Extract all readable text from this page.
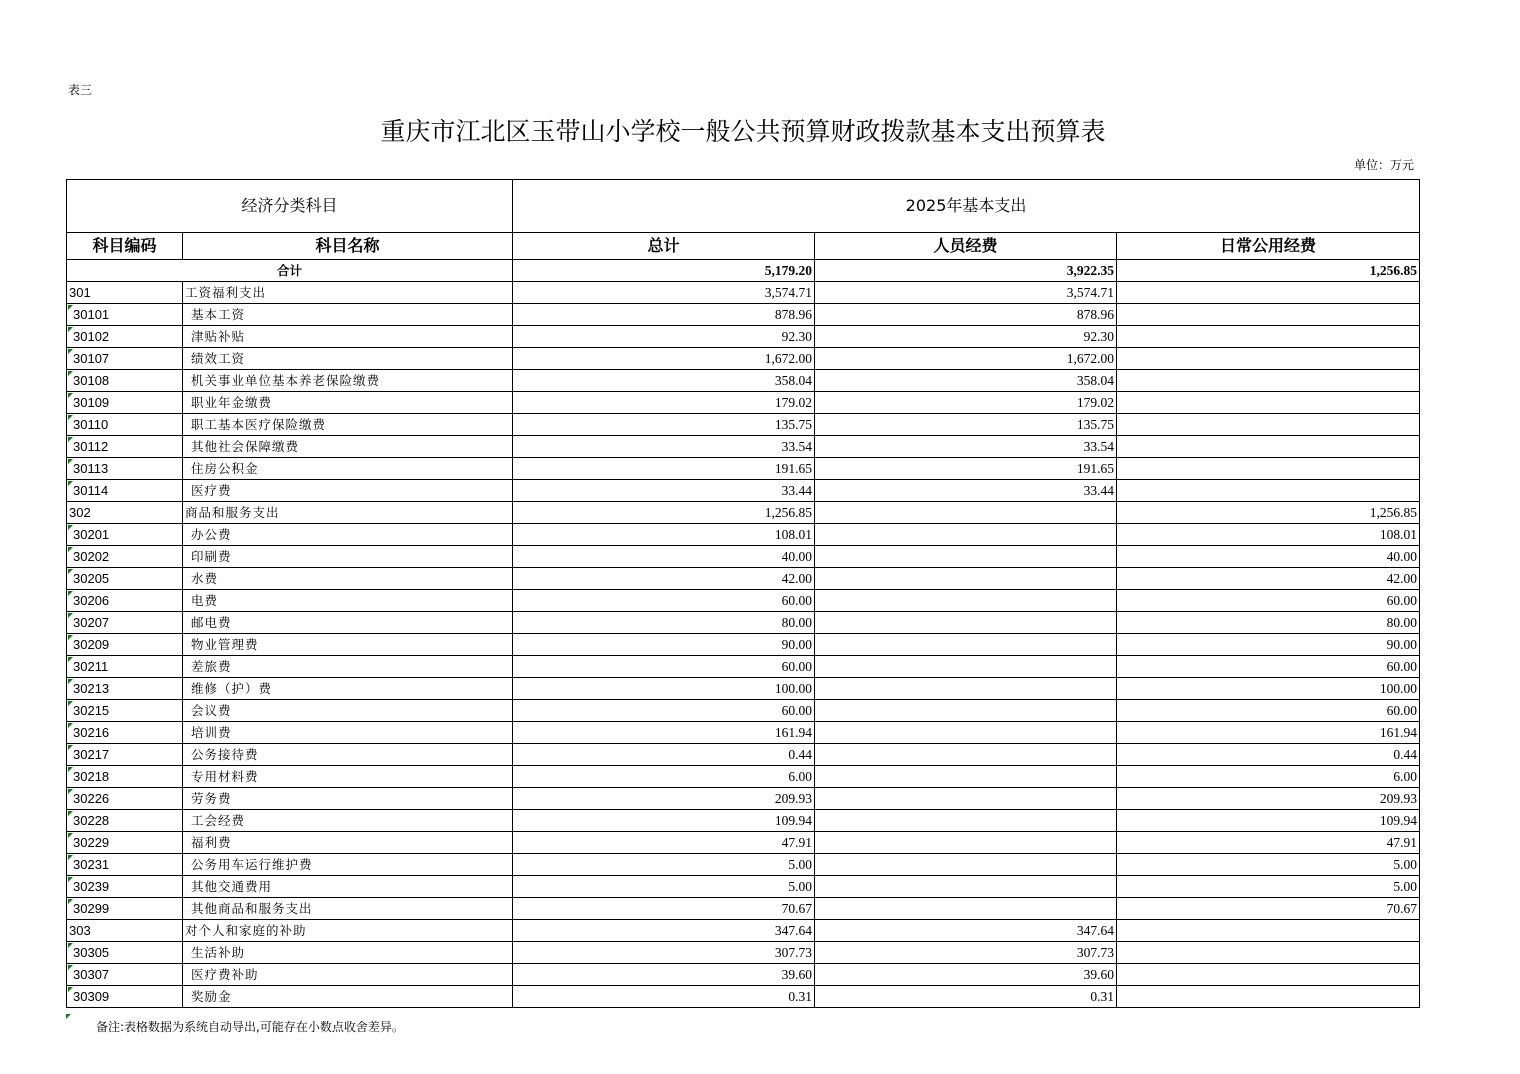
表三
重庆市江北区玉带山小学校一般公共预算财政拨款基本支出预算表
单位：万元
经济分类科目		2025年基本支出		
科目编码	科目名称	总计	人员经费	日常公用经费
合计		5,179.20	3,922.35	1,256.85
301	工资福利支出	3,574.71	3,574.71	
30101	基本工资	878.96	878.96	
30102	津贴补贴	92.30	92.30	
30107	绩效工资	1,672.00	1,672.00	
30108	机关事业单位基本养老保险缴费	358.04	358.04	
30109	职业年金缴费	179.02	179.02	
30110	职工基本医疗保险缴费	135.75	135.75	
30112	其他社会保障缴费	33.54	33.54	
30113	住房公积金	191.65	191.65	
30114	医疗费	33.44	33.44	
302	商品和服务支出	1,256.85		1,256.85
30201	办公费	108.01		108.01
30202	印刷费	40.00		40.00
30205	水费	42.00		42.00
30206	电费	60.00		60.00
30207	邮电费	80.00		80.00
30209	物业管理费	90.00		90.00
30211	差旅费	60.00		60.00
30213	维修（护）费	100.00		100.00
30215	会议费	60.00		60.00
30216	培训费	161.94		161.94
30217	公务接待费	0.44		0.44
30218	专用材料费	6.00		6.00
30226	劳务费	209.93		209.93
30228	工会经费	109.94		109.94
30229	福利费	47.91		47.91
30231	公务用车运行维护费	5.00		5.00
30239	其他交通费用	5.00		5.00
30299	其他商品和服务支出	70.67		70.67
303	对个人和家庭的补助	347.64	347.64	
30305	生活补助	307.73	307.73	
30307	医疗费补助	39.60	39.60	
30309	奖励金	0.31	0.31	
备注:表格数据为系统自动导出,可能存在小数点收舍差异。
